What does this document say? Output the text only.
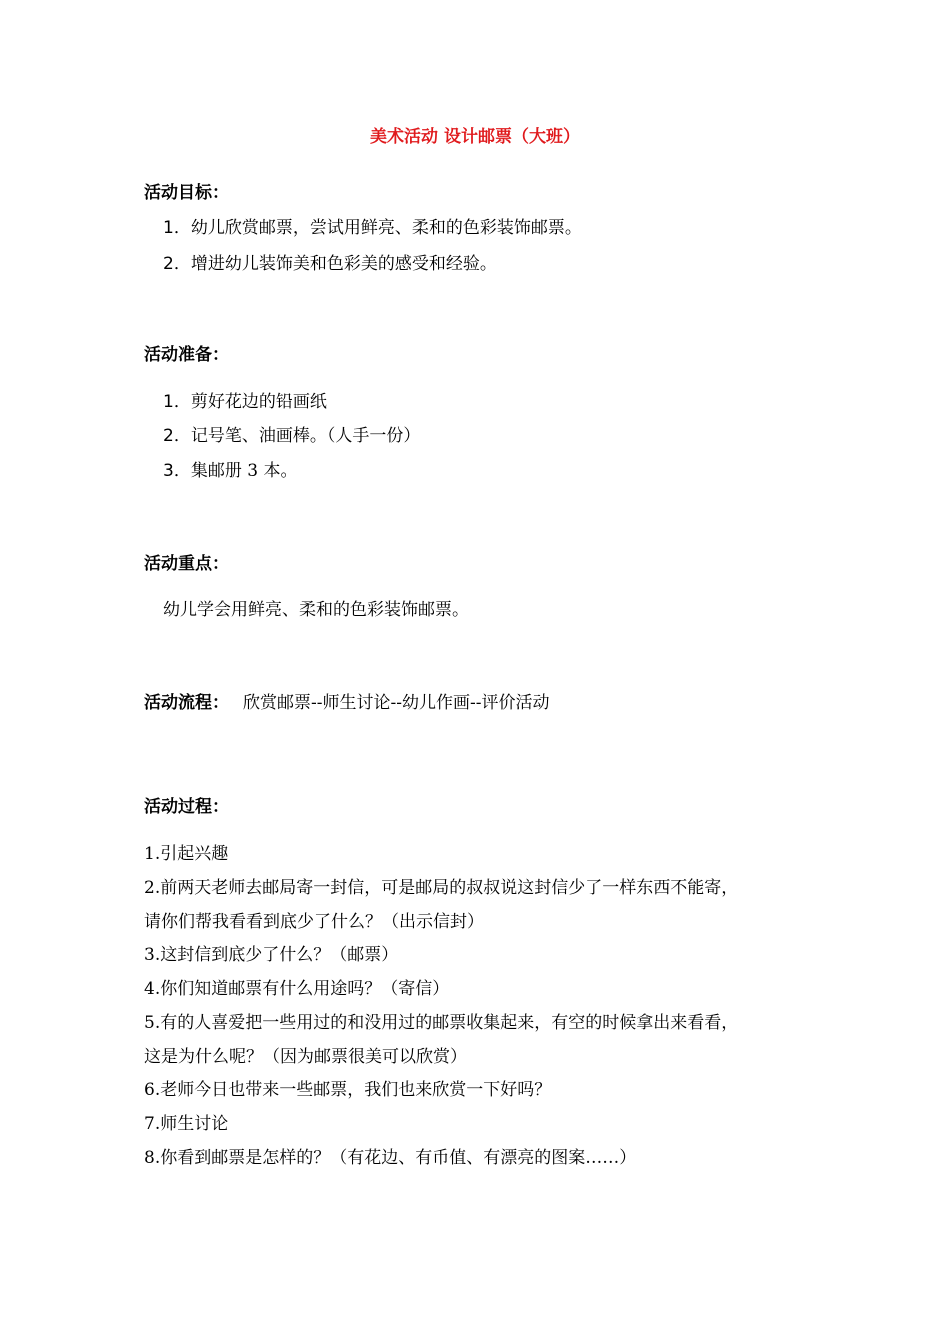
美术活动 设计邮票（大班）
活动目标：
1．幼儿欣赏邮票，尝试用鲜亮、柔和的色彩装饰邮票。
2．增进幼儿装饰美和色彩美的感受和经验。
活动准备：
1．剪好花边的铅画纸
2．记号笔、油画棒。（人手一份）
3．集邮册 3 本。
活动重点：
幼儿学会用鲜亮、柔和的色彩装饰邮票。
活动流程： 欣赏邮票--师生讨论--幼儿作画--评价活动
活动过程：
1.引起兴趣
2.前两天老师去邮局寄一封信，可是邮局的叔叔说这封信少了一样东西不能寄，
请你们帮我看看到底少了什么？（出示信封）
3.这封信到底少了什么？（邮票）
4.你们知道邮票有什么用途吗？（寄信）
5.有的人喜爱把一些用过的和没用过的邮票收集起来，有空的时候拿出来看看，
这是为什么呢？（因为邮票很美可以欣赏）
6.老师今日也带来一些邮票，我们也来欣赏一下好吗？
7.师生讨论
8.你看到邮票是怎样的？（有花边、有币值、有漂亮的图案……）
